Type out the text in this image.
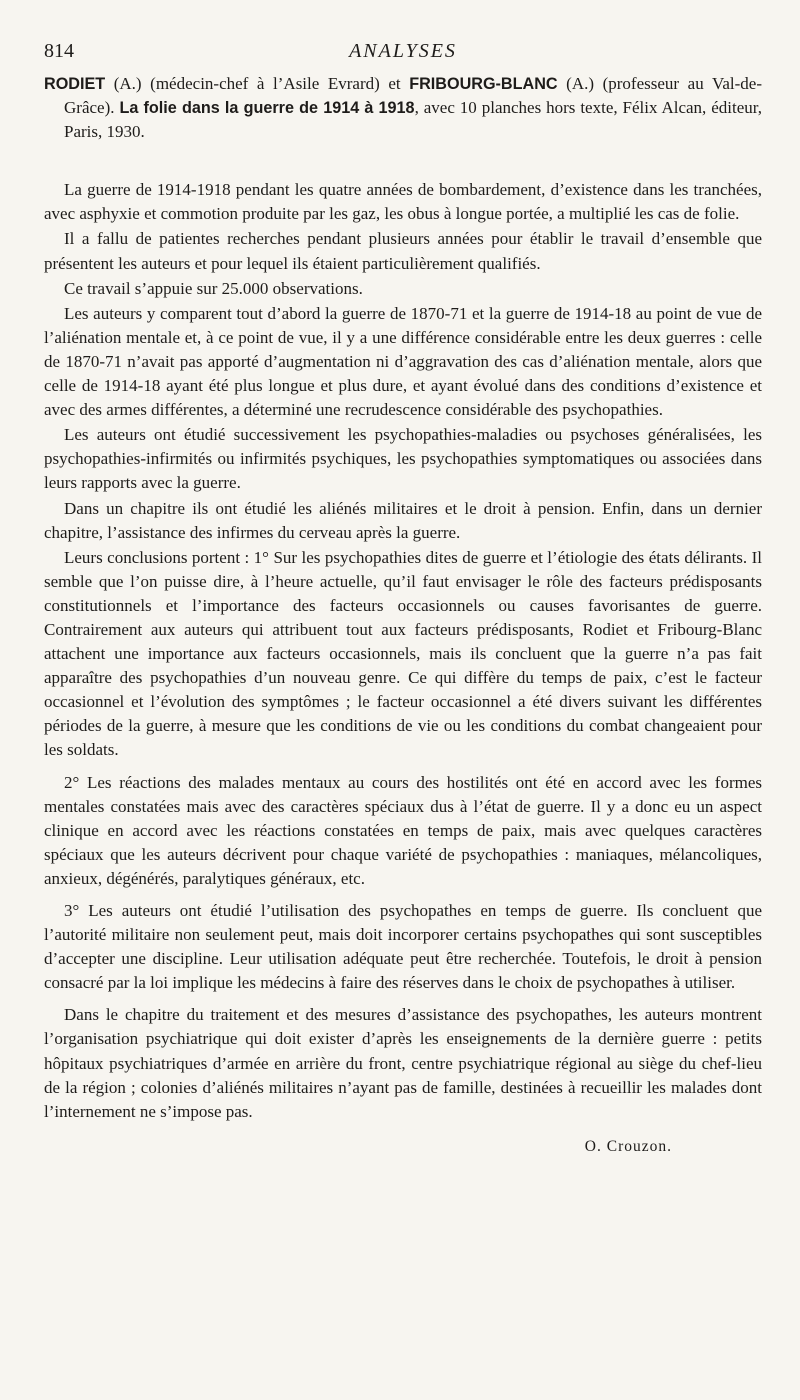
814	ANALYSES

RODIET (A.) (médecin-chef à l’Asile Evrard) et FRIBOURG-BLANC (A.) (professeur au Val-de-Grâce). La folie dans la guerre de 1914 à 1918, avec 10 planches hors texte, Félix Alcan, éditeur, Paris, 1930.

La guerre de 1914-1918 pendant les quatre années de bombardement, d’existence dans les tranchées, avec asphyxie et commotion produite par les gaz, les obus à longue portée, a multiplié les cas de folie.

Il a fallu de patientes recherches pendant plusieurs années pour établir le travail d’ensemble que présentent les auteurs et pour lequel ils étaient particulièrement qualifiés.

Ce travail s’appuie sur 25.000 observations.

Les auteurs y comparent tout d’abord la guerre de 1870-71 et la guerre de 1914-18 au point de vue de l’aliénation mentale et, à ce point de vue, il y a une différence considérable entre les deux guerres : celle de 1870-71 n’avait pas apporté d’augmentation ni d’aggravation des cas d’aliénation mentale, alors que celle de 1914-18 ayant été plus longue et plus dure, et ayant évolué dans des conditions d’existence et avec des armes différentes, a déterminé une recrudescence considérable des psychopathies.

Les auteurs ont étudié successivement les psychopathies-maladies ou psychoses généralisées, les psychopathies-infirmités ou infirmités psychiques, les psychopathies symptomatiques ou associées dans leurs rapports avec la guerre.

Dans un chapitre ils ont étudié les aliénés militaires et le droit à pension. Enfin, dans un dernier chapitre, l’assistance des infirmes du cerveau après la guerre.

Leurs conclusions portent : 1° Sur les psychopathies dites de guerre et l’étiologie des états délirants. Il semble que l’on puisse dire, à l’heure actuelle, qu’il faut envisager le rôle des facteurs prédisposants constitutionnels et l’importance des facteurs occasionnels ou causes favorisantes de guerre. Contrairement aux auteurs qui attribuent tout aux facteurs prédisposants, Rodiet et Fribourg-Blanc attachent une importance aux facteurs occasionnels, mais ils concluent que la guerre n’a pas fait apparaître des psychopathies d’un nouveau genre. Ce qui diffère du temps de paix, c’est le facteur occasionnel et l’évolution des symptômes ; le facteur occasionnel a été divers suivant les différentes périodes de la guerre, à mesure que les conditions de vie ou les conditions du combat changeaient pour les soldats.

2° Les réactions des malades mentaux au cours des hostilités ont été en accord avec les formes mentales constatées mais avec des caractères spéciaux dus à l’état de guerre. Il y a donc eu un aspect clinique en accord avec les réactions constatées en temps de paix, mais avec quelques caractères spéciaux que les auteurs décrivent pour chaque variété de psychopathies : maniaques, mélancoliques, anxieux, dégénérés, paralytiques généraux, etc.

3° Les auteurs ont étudié l’utilisation des psychopathes en temps de guerre. Ils concluent que l’autorité militaire non seulement peut, mais doit incorporer certains psychopathes qui sont susceptibles d’accepter une discipline. Leur utilisation adéquate peut être recherchée. Toutefois, le droit à pension consacré par la loi implique les médecins à faire des réserves dans le choix de psychopathes à utiliser.

Dans le chapitre du traitement et des mesures d’assistance des psychopathes, les auteurs montrent l’organisation psychiatrique qui doit exister d’après les enseignements de la dernière guerre : petits hôpitaux psychiatriques d’armée en arrière du front, centre psychiatrique régional au siège du chef-lieu de la région ; colonies d’aliénés militaires n’ayant pas de famille, destinées à recueillir les malades dont l’internement ne s’impose pas.

O. Crouzon.
